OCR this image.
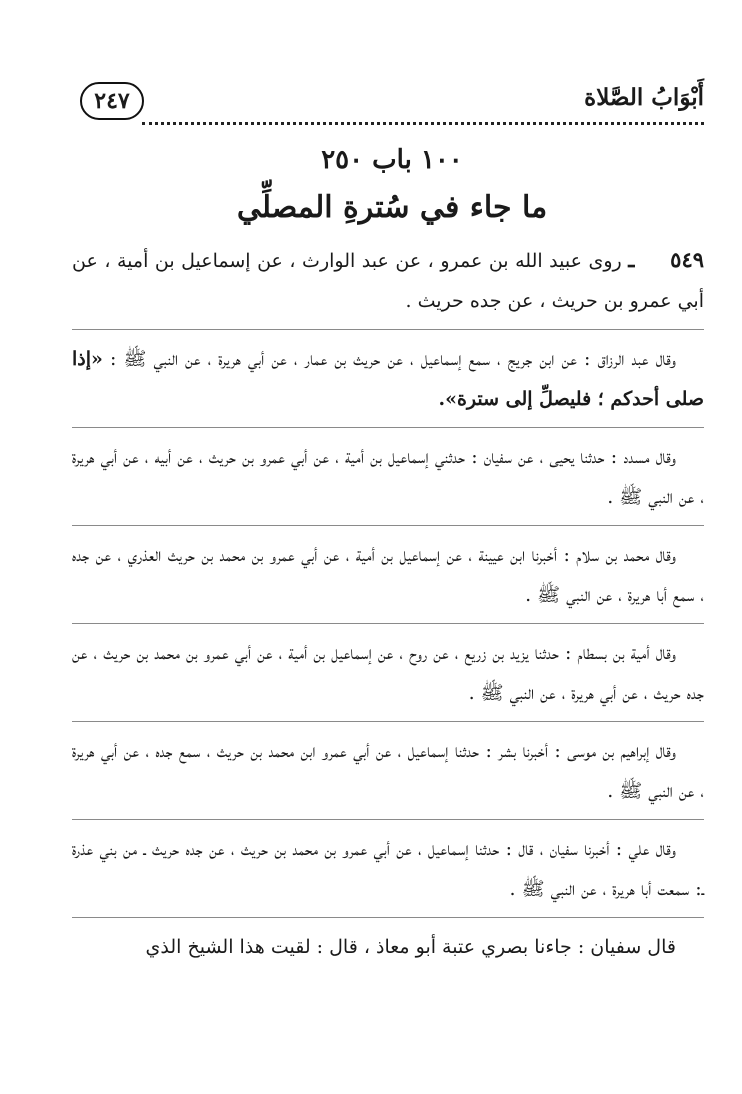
٢٤٧	أَبْوَابُ الصَّلاة
١٠٠ باب ٢٥٠
ما جاء في سُترةِ المصلِّي

٥٤٩ ـ روى عبيد الله بن عمرو ، عن عبد الوارث ، عن إسماعيل بن أمية ، عن أبي عمرو بن حريث ، عن جده حريث .

وقال عبد الرزاق : عن ابن جريج ، سمع إسماعيل ، عن حريث بن عمار ، عن أبي هريرة ، عن النبي ﷺ : «إذا صلى أحدكم ؛ فليصلِّ إلى سترة».

وقال مسدد : حدثنا يحيى ، عن سفيان : حدثني إسماعيل بن أمية ، عن أبي عمرو بن حريث ، عن أبيه ، عن أبي هريرة ، عن النبي ﷺ .

وقال محمد بن سلام : أخبرنا ابن عيينة ، عن إسماعيل بن أمية ، عن أبي عمرو بن محمد بن حريث العذري ، عن جده ، سمع أبا هريرة ، عن النبي ﷺ .

وقال أمية بن بسطام : حدثنا يزيد بن زريع ، عن روح ، عن إسماعيل بن أمية ، عن أبي عمرو بن محمد بن حريث ، عن جده حريث ، عن أبي هريرة ، عن النبي ﷺ .

وقال إبراهيم بن موسى : أخبرنا بشر : حدثنا إسماعيل ، عن أبي عمرو ابن محمد بن حريث ، سمع جده ، عن أبي هريرة ، عن النبي ﷺ .

وقال علي : أخبرنا سفيان ، قال : حدثنا إسماعيل ، عن أبي عمرو بن محمد بن حريث ، عن جده حريث ـ من بني عذرة ـ: سمعت أبا هريرة ، عن النبي ﷺ .

قال سفيان : جاءنا بصري عتبة أبو معاذ ، قال : لقيت هذا الشيخ الذي
